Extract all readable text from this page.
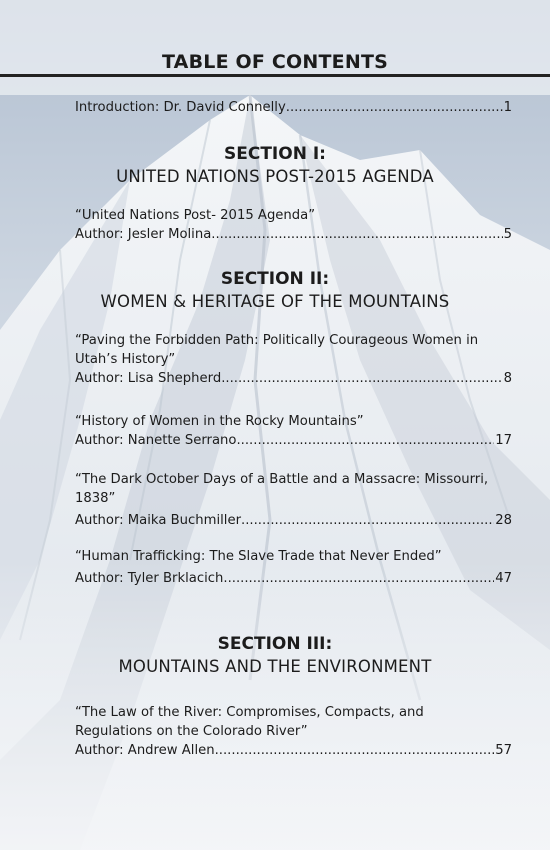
TABLE OF CONTENTS
Introduction: Dr. David Connelly .....	1
SECTION I:
UNITED NATIONS POST-2015 AGENDA
“United Nations Post- 2015 Agenda”
Author: Jesler Molina .....	5
SECTION II:
WOMEN & HERITAGE OF THE MOUNTAINS
“Paving the Forbidden Path: Politically Courageous Women in
Utah’s History”
Author: Lisa Shepherd .....	8
“History of Women in the Rocky Mountains”
Author: Nanette Serrano .....	17
“The Dark October Days of a Battle and a Massacre: Missourri,
1838”
Author: Maika Buchmiller .....	28
“Human Trafficking: The Slave Trade that Never Ended”
Author: Tyler Brklacich .....	47
SECTION III:
MOUNTAINS AND THE ENVIRONMENT
“The Law of the River: Compromises, Compacts, and
Regulations on the Colorado River”
Author: Andrew Allen .....	57
